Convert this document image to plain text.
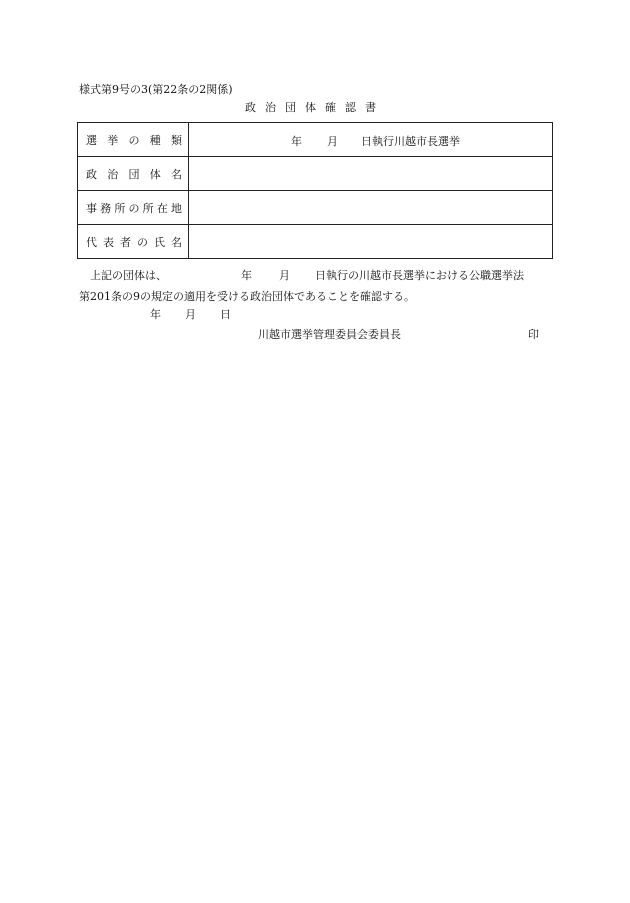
様式第9号の3(第22条の2関係)
政治団体確認書
選挙の種類	年 月 日執行川越市長選挙

政治団体名	
事務所の所在地	
代表者の氏名	
上記の団体は、	年 月 日執行の川越市長選挙における公職選挙法
第201条の9の規定の適用を受ける政治団体であることを確認する。
年 月 日
川越市選挙管理委員会委員長	印
